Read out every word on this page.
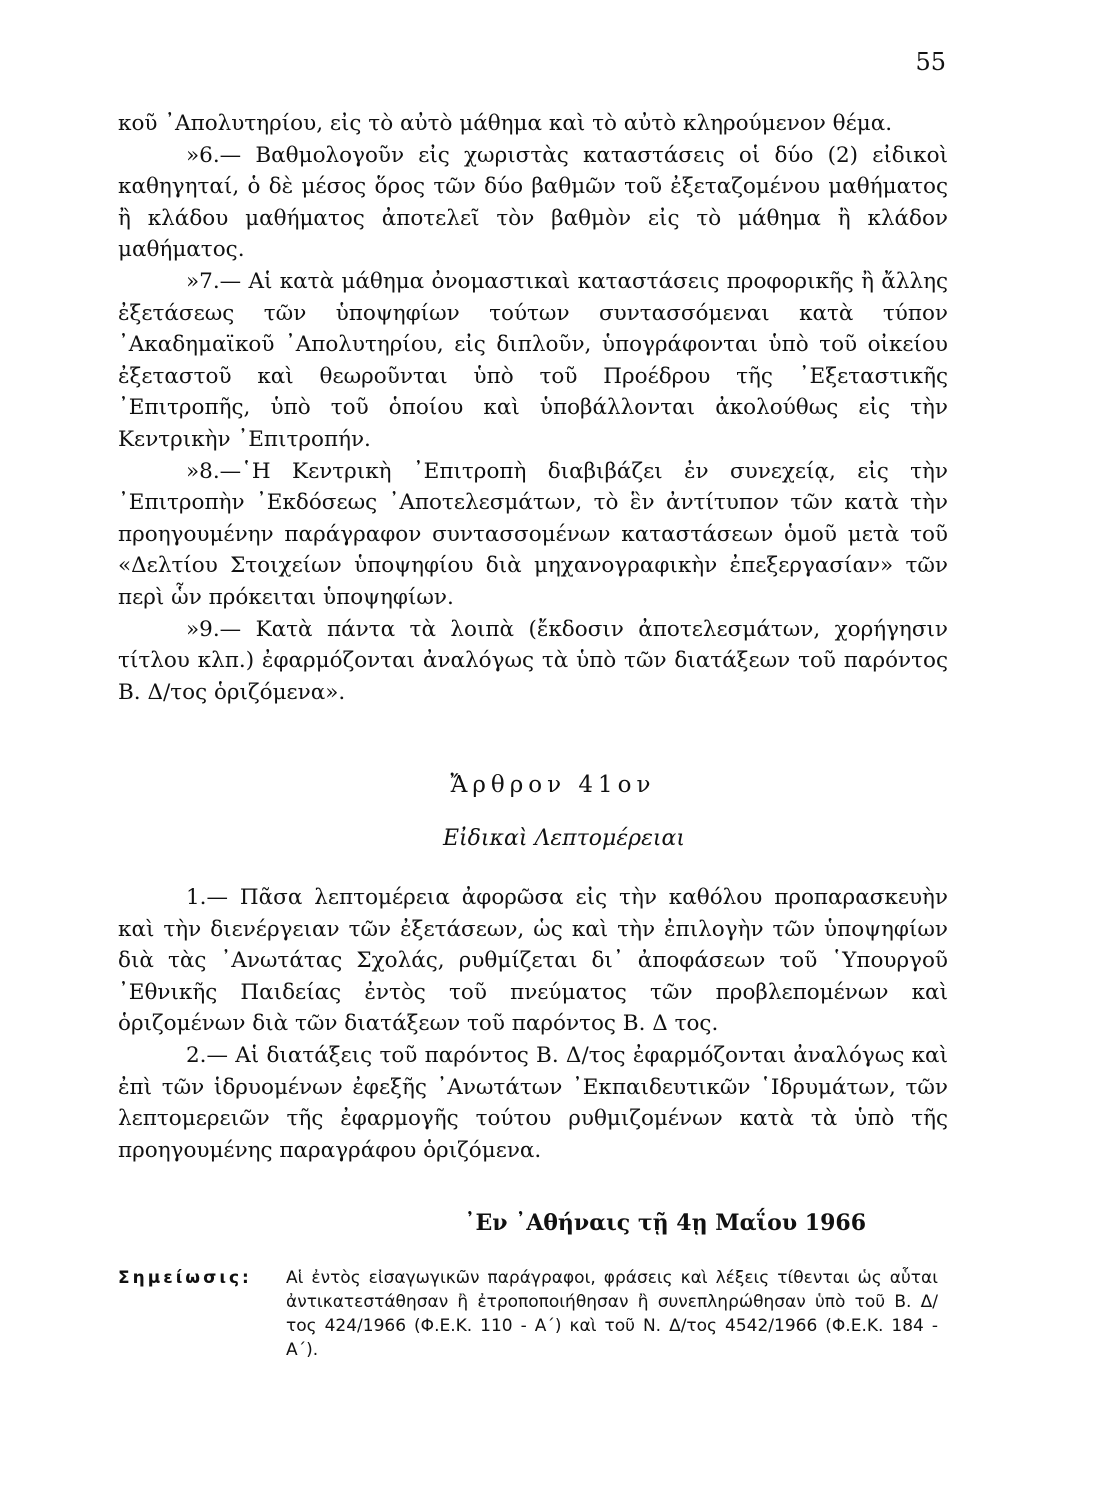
55

κοῦ ᾿Απολυτηρίου, εἰς τὸ αὐτὸ μάθημα καὶ τὸ αὐτὸ κληρούμενον θέμα.

»6.— Βαθμολογοῦν εἰς χωριστὰς καταστάσεις οἱ δύο (2) εἰδικοὶ καθηγηταί, ὁ δὲ μέσος ὅρος τῶν δύο βαθμῶν τοῦ ἐξεταζομένου μαθήματος ἢ κλάδου μαθήματος ἀποτελεῖ τὸν βαθμὸν εἰς τὸ μάθημα ἢ κλάδον μαθήματος.

»7.— Αἱ κατὰ μάθημα ὀνομαστικαὶ καταστάσεις προφορικῆς ἢ ἄλλης ἐξετάσεως τῶν ὑποψηφίων τούτων συντασσόμεναι κατὰ τύπον ᾿Ακαδημαϊκοῦ ᾿Απολυτηρίου, εἰς διπλοῦν, ὑπογράφονται ὑπὸ τοῦ οἰκείου ἐξεταστοῦ καὶ θεωροῦνται ὑπὸ τοῦ Προέδρου τῆς ᾿Εξεταστικῆς ᾿Επιτροπῆς, ὑπὸ τοῦ ὁποίου καὶ ὑποβάλλονται ἀκολούθως εἰς τὴν Κεντρικὴν ᾿Επιτροπήν.

»8.—῾Η Κεντρικὴ ᾿Επιτροπὴ διαβιβάζει ἐν συνεχείᾳ, εἰς τὴν ᾿Επιτροπὴν ᾿Εκδόσεως ᾿Αποτελεσμάτων, τὸ ἓν ἀντίτυπον τῶν κατὰ τὴν προηγουμένην παράγραφον συντασσομένων καταστάσεων ὁμοῦ μετὰ τοῦ «Δελτίου Στοιχείων ὑποψηφίου διὰ μηχανογραφικὴν ἐπεξεργασίαν» τῶν περὶ ὧν πρόκειται ὑποψηφίων.

»9.— Κατὰ πάντα τὰ λοιπὰ (ἔκδοσιν ἀποτελεσμάτων, χορήγησιν τίτλου κλπ.) ἐφαρμόζονται ἀναλόγως τὰ ὑπὸ τῶν διατάξεων τοῦ παρόντος Β. Δ/τος ὁριζόμενα».

Ἄρθρον 41ον
Εἰδικαὶ Λεπτομέρειαι

1.— Πᾶσα λεπτομέρεια ἀφορῶσα εἰς τὴν καθόλου προπαρασκευὴν καὶ τὴν διενέργειαν τῶν ἐξετάσεων, ὡς καὶ τὴν ἐπιλογὴν τῶν ὑποψηφίων διὰ τὰς ᾿Ανωτάτας Σχολάς, ρυθμίζεται δι᾿ ἀποφάσεων τοῦ ῾Υπουργοῦ ᾿Εθνικῆς Παιδείας ἐντὸς τοῦ πνεύματος τῶν προβλεπομένων καὶ ὁριζομένων διὰ τῶν διατάξεων τοῦ παρόντος Β. Δ τος.

2.— Αἱ διατάξεις τοῦ παρόντος Β. Δ/τος ἐφαρμόζονται ἀναλόγως καὶ ἐπὶ τῶν ἱδρυομένων ἐφεξῆς ᾿Ανωτάτων ᾿Εκπαιδευτικῶν ῾Ιδρυμάτων, τῶν λεπτομερειῶν τῆς ἐφαρμογῆς τούτου ρυθμιζομένων κατὰ τὰ ὑπὸ τῆς προηγουμένης παραγράφου ὁριζόμενα.

᾿Εν ᾿Αθήναις τῇ 4ῃ Μαΐου 1966
Σημείωσις: Αἱ ἐντὸς εἰσαγωγικῶν παράγραφοι, φράσεις καὶ λέξεις τίθενται ὡς αὗται ἀντικατεστάθησαν ἢ ἐτροποποιήθησαν ἢ συνεπληρώθησαν ὑπὸ τοῦ Β. Δ/τος 424/1966 (Φ.Ε.Κ. 110 - Α΄) καὶ τοῦ Ν. Δ/τος 4542/1966 (Φ.Ε.Κ. 184 - Α΄).
